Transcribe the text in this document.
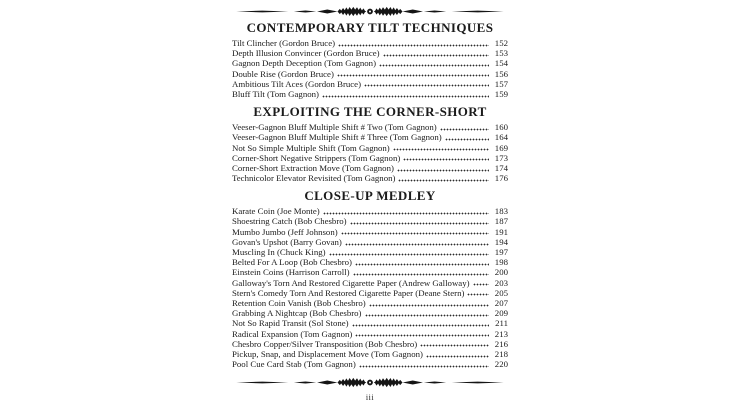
CONTEMPORARY TILT TECHNIQUES
Tilt Clincher (Gordon Bruce)	152
Depth Illusion Convincer (Gordon Bruce)	153
Gagnon Depth Deception (Tom Gagnon)	154
Double Rise (Gordon Bruce)	156
Ambitious Tilt Aces (Gordon Bruce)	157
Bluff Tilt (Tom Gagnon)	159
EXPLOITING THE CORNER-SHORT
Veeser-Gagnon Bluff Multiple Shift # Two (Tom Gagnon)	160
Veeser-Gagnon Bluff Multiple Shift # Three (Tom Gagnon)	164
Not So Simple Multiple Shift (Tom Gagnon)	169
Corner-Short Negative Strippers (Tom Gagnon)	173
Corner-Short Extraction Move (Tom Gagnon)	174
Technicolor Elevator Revisited (Tom Gagnon)	176
CLOSE-UP MEDLEY
Karate Coin (Joe Monte)	183
Shoestring Catch (Bob Chesbro)	187
Mumbo Jumbo (Jeff Johnson)	191
Govan's Upshot (Barry Govan)	194
Muscling In (Chuck King)	197
Belted For A Loop (Bob Chesbro)	198
Einstein Coins (Harrison Carroll)	200
Galloway's Torn And Restored Cigarette Paper (Andrew Galloway)	203
Stern's Comedy Torn And Restored Cigarette Paper (Deane Stern)	205
Retention Coin Vanish (Bob Chesbro)	207
Grabbing A Nightcap (Bob Chesbro)	209
Not So Rapid Transit (Sol Stone)	211
Radical Expansion (Tom Gagnon)	213
Chesbro Copper/Silver Transposition (Bob Chesbro)	216
Pickup, Snap, and Displacement Move (Tom Gagnon)	218
Pool Cue Card Stab (Tom Gagnon)	220
iii
